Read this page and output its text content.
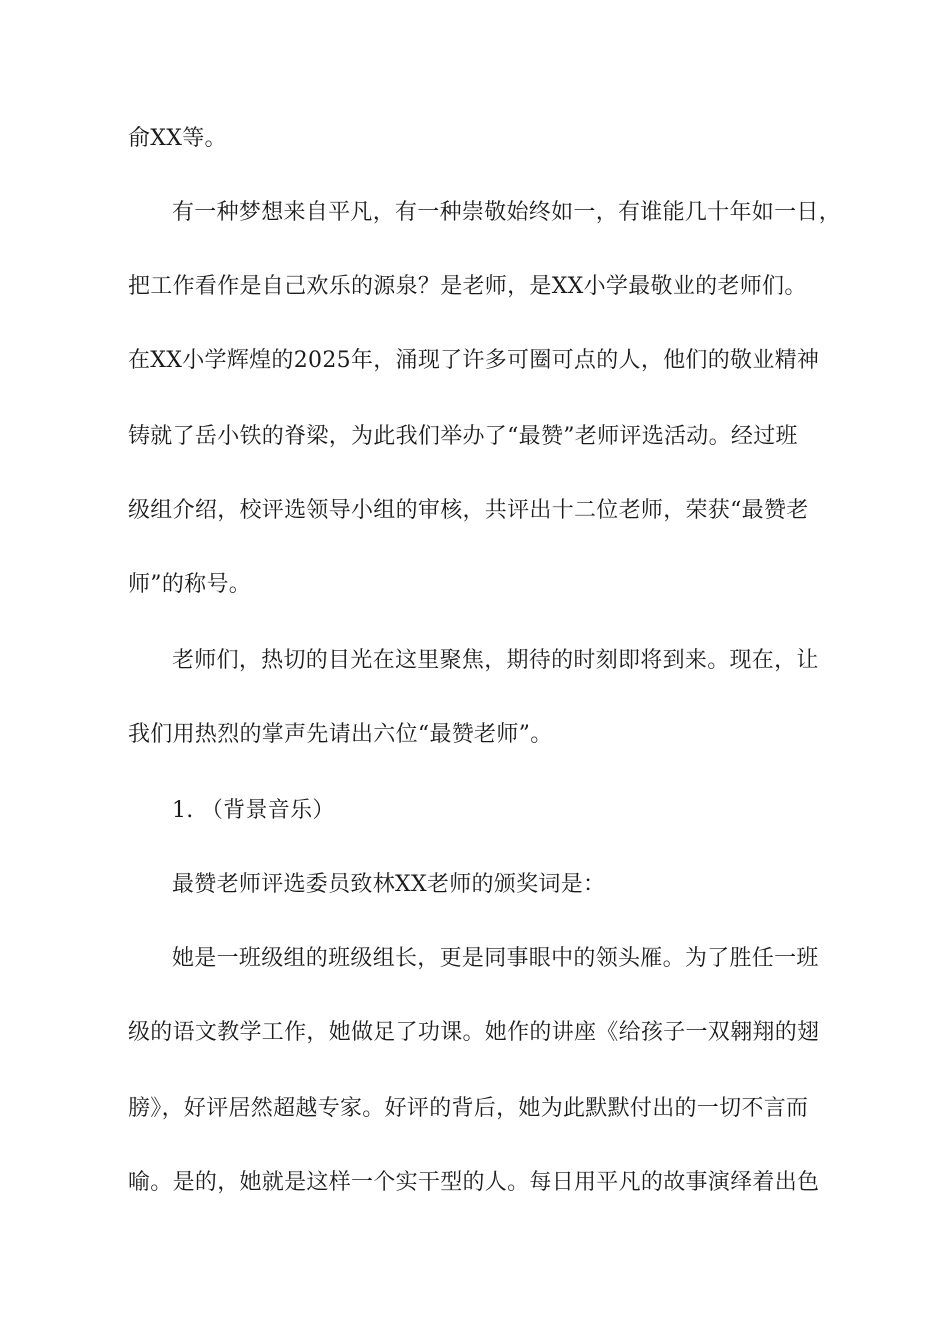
俞XX等。
有一种梦想来自平凡，有一种崇敬始终如一，有谁能几十年如一日，
把工作看作是自己欢乐的源泉？是老师，是XX小学最敬业的老师们。
在XX小学辉煌的2025年，涌现了许多可圈可点的人，他们的敬业精神
铸就了岳小铁的脊梁，为此我们举办了“最赞”老师评选活动。经过班
级组介绍，校评选领导小组的审核，共评出十二位老师，荣获“最赞老
师”的称号。
老师们，热切的目光在这里聚焦，期待的时刻即将到来。现在，让
我们用热烈的掌声先请出六位“最赞老师”。
1. （背景音乐）
最赞老师评选委员致林XX老师的颁奖词是：
她是一班级组的班级组长，更是同事眼中的领头雁。为了胜任一班
级的语文教学工作，她做足了功课。她作的讲座《给孩子一双翱翔的翅
膀》，好评居然超越专家。好评的背后，她为此默默付出的一切不言而
喻。是的，她就是这样一个实干型的人。每日用平凡的故事演绎着出色
